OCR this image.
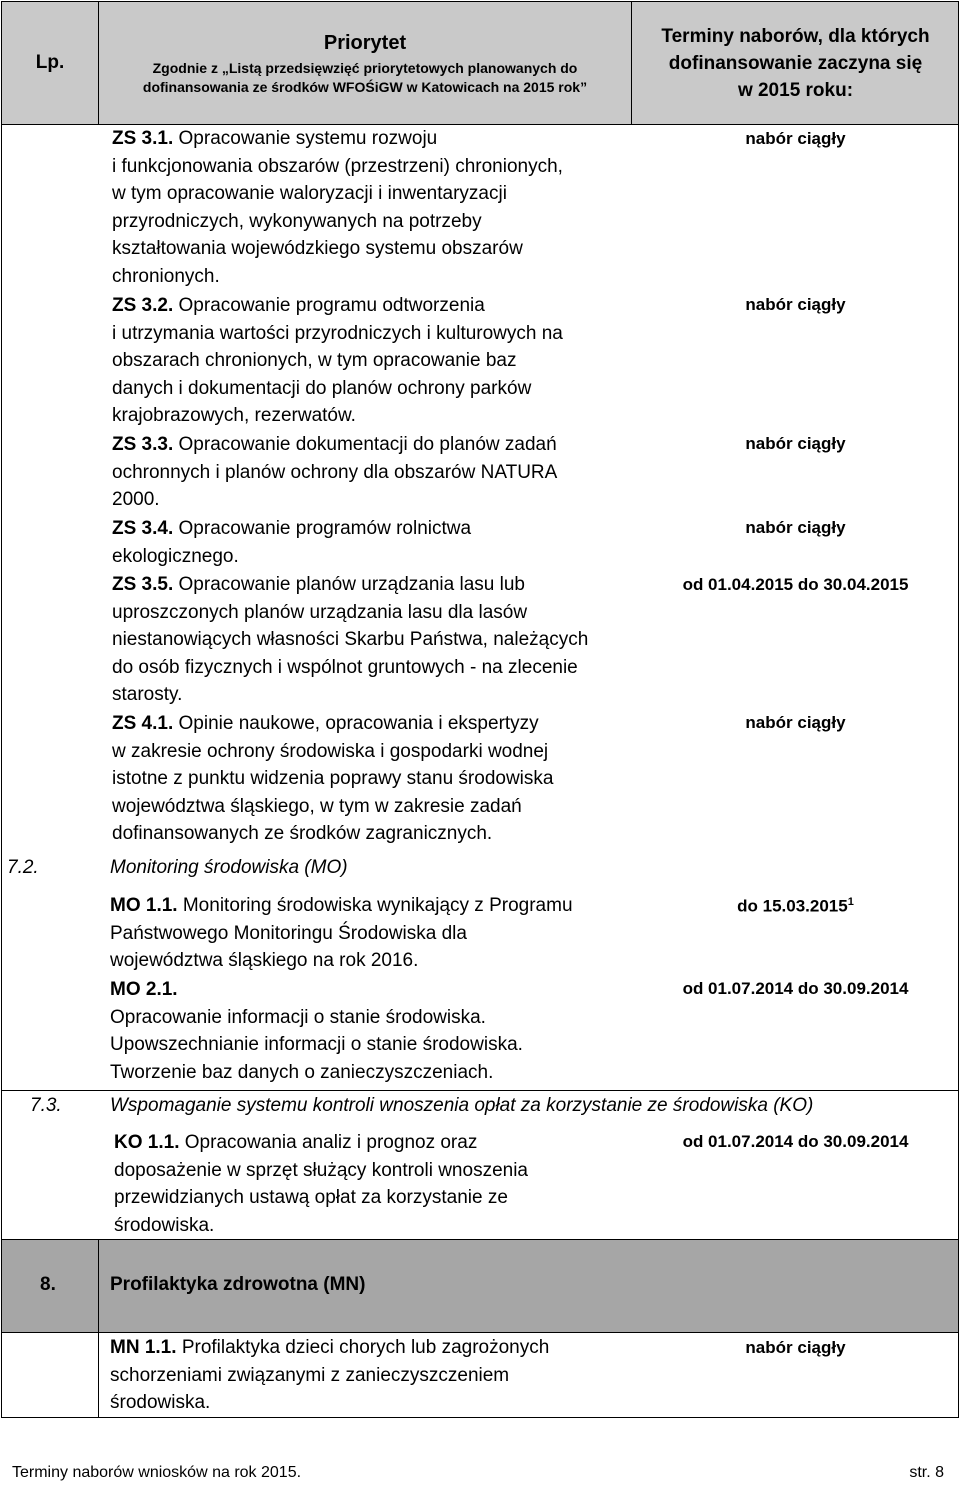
Lp.
Priorytet
Zgodnie z „Listą przedsięwzięć priorytetowych planowanych do
dofinansowania ze środków WFOŚiGW w Katowicach na 2015 rok”
Terminy naborów, dla których
dofinansowanie zaczyna się
w 2015 roku:
ZS 3.1. Opracowanie systemu rozwoju
i funkcjonowania obszarów (przestrzeni) chronionych,
w tym opracowanie waloryzacji i inwentaryzacji
przyrodniczych, wykonywanych na potrzeby
kształtowania wojewódzkiego systemu obszarów
chronionych.
nabór ciągły
ZS 3.2. Opracowanie programu odtworzenia
i utrzymania wartości przyrodniczych i kulturowych na
obszarach chronionych, w tym opracowanie baz
danych i dokumentacji do planów ochrony parków
krajobrazowych, rezerwatów.
nabór ciągły
ZS 3.3. Opracowanie dokumentacji do planów zadań
ochronnych i planów ochrony dla obszarów NATURA
2000.
nabór ciągły
ZS 3.4. Opracowanie programów rolnictwa
ekologicznego.
nabór ciągły
ZS 3.5. Opracowanie planów urządzania lasu lub
uproszczonych planów urządzania lasu dla lasów
niestanowiących własności Skarbu Państwa, należących
do osób fizycznych i wspólnot gruntowych - na zlecenie
starosty.
od 01.04.2015 do 30.04.2015
ZS 4.1. Opinie naukowe, opracowania i ekspertyzy
w zakresie ochrony środowiska i gospodarki wodnej
istotne z punktu widzenia poprawy stanu środowiska
województwa śląskiego, w tym w zakresie zadań
dofinansowanych ze środków zagranicznych.
nabór ciągły
7.2.	Monitoring środowiska (MO)
MO 1.1. Monitoring środowiska wynikający z Programu
Państwowego Monitoringu Środowiska dla
województwa śląskiego na rok 2016.
do 15.03.2015$^1$
MO 2.1.
Opracowanie informacji o stanie środowiska.
Upowszechnianie informacji o stanie środowiska.
Tworzenie baz danych o zanieczyszczeniach.
od 01.07.2014 do 30.09.2014
7.3.	Wspomaganie systemu kontroli wnoszenia opłat za korzystanie ze środowiska (KO)
KO 1.1. Opracowania analiz i prognoz oraz
doposażenie w sprzęt służący kontroli wnoszenia
przewidzianych ustawą opłat za korzystanie ze
środowiska.
od 01.07.2014 do 30.09.2014
8.	Profilaktyka zdrowotna (MN)
MN 1.1. Profilaktyka dzieci chorych lub zagrożonych
schorzeniami związanymi z zanieczyszczeniem
środowiska.
nabór ciągły
Terminy naborów wniosków na rok 2015.	str. 8
